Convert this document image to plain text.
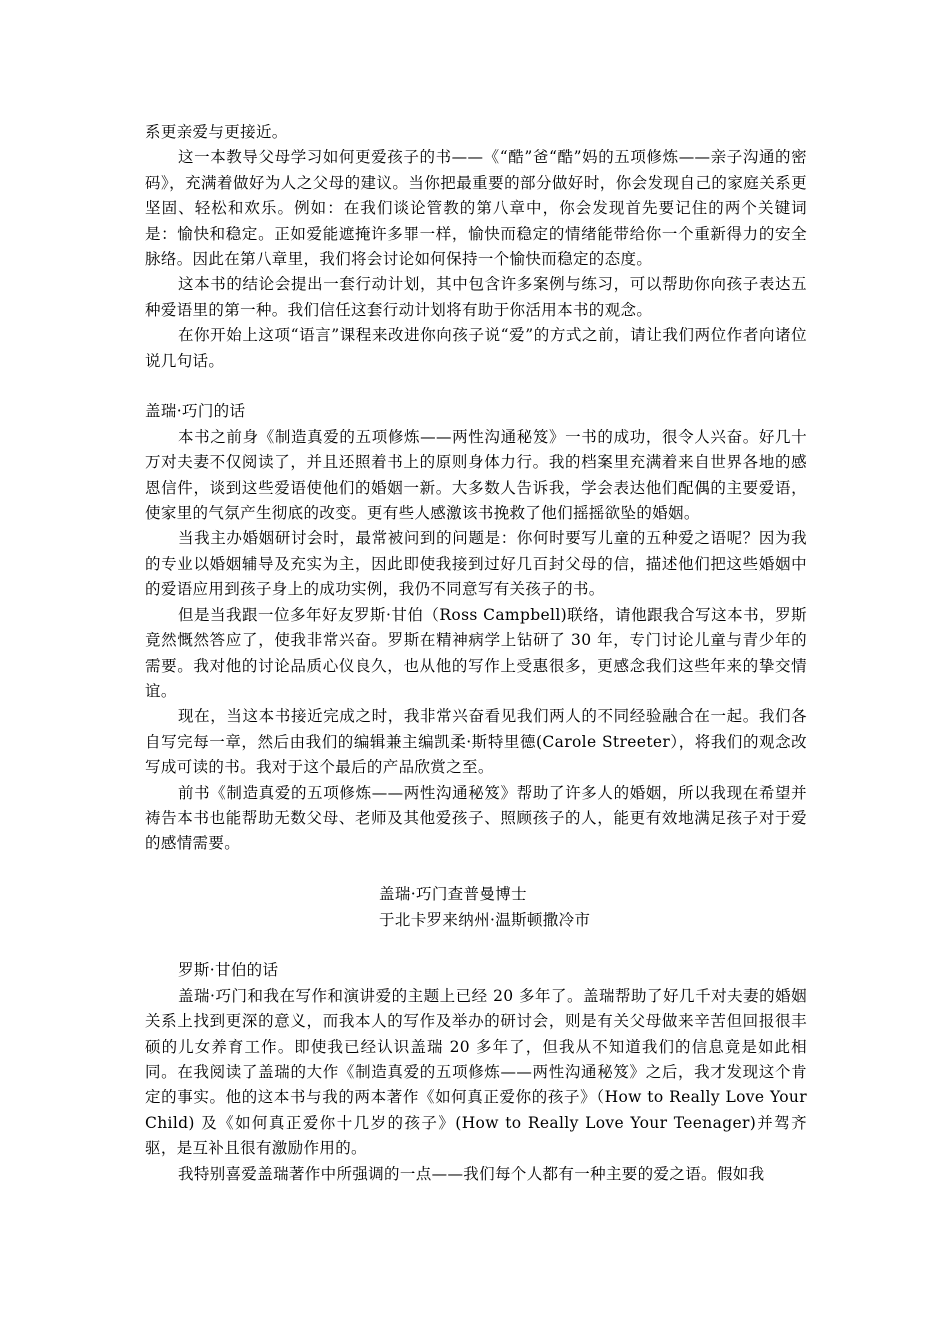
系更亲爱与更接近。

这一本教导父母学习如何更爱孩子的书——《“酷”爸“酷”妈的五项修炼——亲子沟通的密码》，充满着做好为人之父母的建议。当你把最重要的部分做好时，你会发现自己的家庭关系更坚固、轻松和欢乐。例如：在我们谈论管教的第八章中，你会发现首先要记住的两个关键词是：愉快和稳定。正如爱能遮掩许多罪一样，愉快而稳定的情绪能带给你一个重新得力的安全脉络。因此在第八章里，我们将会讨论如何保持一个愉快而稳定的态度。

这本书的结论会提出一套行动计划，其中包含许多案例与练习，可以帮助你向孩子表达五种爱语里的第一种。我们信任这套行动计划将有助于你活用本书的观念。

在你开始上这项“语言”课程来改进你向孩子说“爱”的方式之前，请让我们两位作者向诸位说几句话。

盖瑞·巧门的话

本书之前身《制造真爱的五项修炼——两性沟通秘笈》一书的成功，很令人兴奋。好几十万对夫妻不仅阅读了，并且还照着书上的原则身体力行。我的档案里充满着来自世界各地的感恩信件，谈到这些爱语使他们的婚姻一新。大多数人告诉我，学会表达他们配偶的主要爱语，使家里的气氛产生彻底的改变。更有些人感激该书挽救了他们摇摇欲坠的婚姻。

当我主办婚姻研讨会时，最常被问到的问题是：你何时要写儿童的五种爱之语呢？因为我的专业以婚姻辅导及充实为主，因此即使我接到过好几百封父母的信，描述他们把这些婚姻中的爱语应用到孩子身上的成功实例，我仍不同意写有关孩子的书。

但是当我跟一位多年好友罗斯·甘伯（Ross Campbell)联络，请他跟我合写这本书，罗斯竟然慨然答应了，使我非常兴奋。罗斯在精神病学上钻研了 30 年，专门讨论儿童与青少年的需要。我对他的讨论品质心仪良久，也从他的写作上受惠很多，更感念我们这些年来的挚交情谊。

现在，当这本书接近完成之时，我非常兴奋看见我们两人的不同经验融合在一起。我们各自写完每一章，然后由我们的编辑兼主编凯柔·斯特里德(Carole Streeter），将我们的观念改写成可读的书。我对于这个最后的产品欣赏之至。

前书《制造真爱的五项修炼——两性沟通秘笈》帮助了许多人的婚姻，所以我现在希望并祷告本书也能帮助无数父母、老师及其他爱孩子、照顾孩子的人，能更有效地满足孩子对于爱的感情需要。

盖瑞·巧门查普曼博士

于北卡罗来纳州·温斯顿撒冷市

罗斯·甘伯的话

盖瑞·巧门和我在写作和演讲爱的主题上已经 20 多年了。盖瑞帮助了好几千对夫妻的婚姻关系上找到更深的意义，而我本人的写作及举办的研讨会，则是有关父母做来辛苦但回报很丰硕的儿女养育工作。即使我已经认识盖瑞 20 多年了，但我从不知道我们的信息竟是如此相同。在我阅读了盖瑞的大作《制造真爱的五项修炼——两性沟通秘笈》之后，我才发现这个肯定的事实。他的这本书与我的两本著作《如何真正爱你的孩子》（How to Really Love Your Child) 及《如何真正爱你十几岁的孩子》(How to Really Love Your Teenager)并驾齐驱，是互补且很有激励作用的。

我特别喜爱盖瑞著作中所强调的一点——我们每个人都有一种主要的爱之语。假如我
